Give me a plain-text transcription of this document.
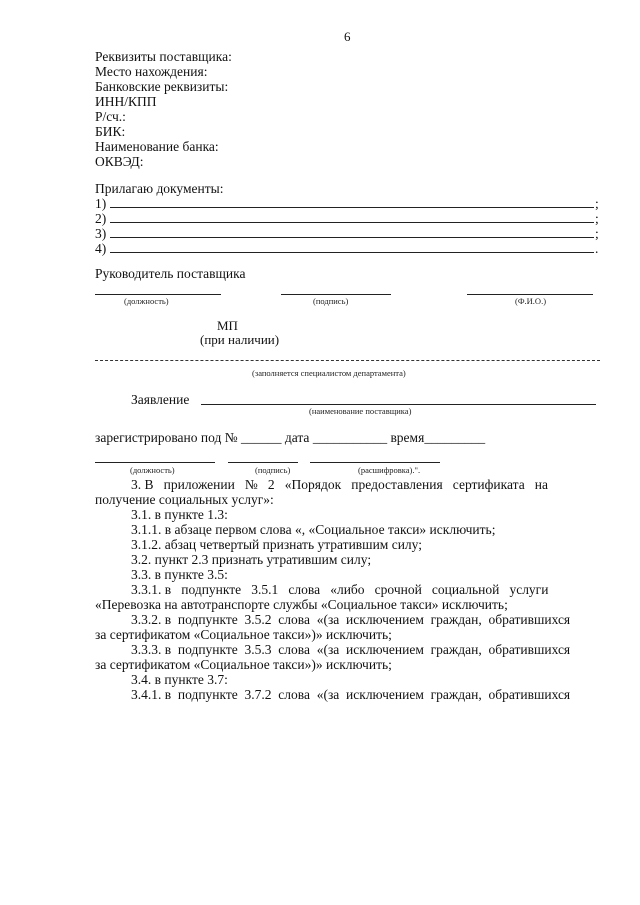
6
Реквизиты поставщика:
Место нахождения:
Банковские реквизиты:
ИНН/КПП
Р/сч.:
БИК:
Наименование банка:
ОКВЭД:
Прилагаю документы:
1)	;
2)	;
3)	;
4)	.
Руководитель поставщика
(должность)	(подпись)	(Ф.И.О.)
МП
(при наличии)
(заполняется специалистом департамента)
Заявление
(наименование поставщика)
зарегистрировано под № ______ дата ___________ время_________
(должность)	(подпись)	(расшифровка).".
3. В   приложении   №   2   «Порядок   предоставления   сертификата   на
получение социальных услуг»:
3.1. в пункте 1.3:
3.1.1. в абзаце первом слова «, «Социальное такси» исключить;
3.1.2. абзац четвертый признать утратившим силу;
3.2. пункт 2.3 признать утратившим силу;
3.3. в пункте 3.5:
3.3.1. в   подпункте   3.5.1   слова   «либо   срочной   социальной   услуги
«Перевозка на автотранспорте службы «Социальное такси» исключить;
3.3.2. в  подпункте  3.5.2  слова  «(за  исключением  граждан,  обратившихся
за сертификатом «Социальное такси»)» исключить;
3.3.3. в  подпункте  3.5.3  слова  «(за  исключением  граждан,  обратившихся
за сертификатом «Социальное такси»)» исключить;
3.4. в пункте 3.7:
3.4.1. в  подпункте  3.7.2  слова  «(за  исключением  граждан,  обратившихся
